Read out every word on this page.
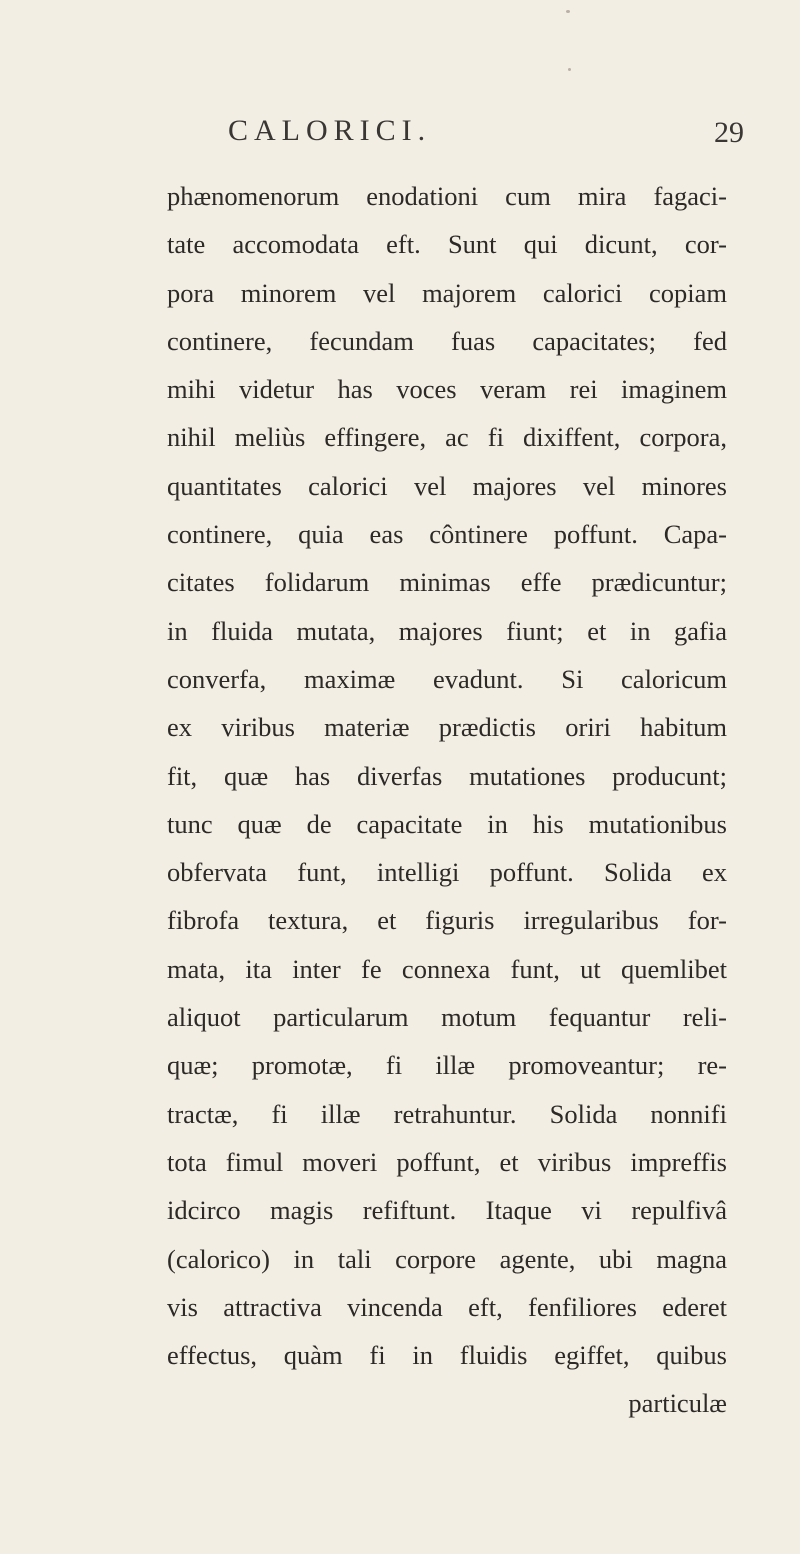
CALORICI.	29
phænomenorum enodationi cum mira fagaci-
tate accomodata eft. Sunt qui dicunt, cor-
pora minorem vel majorem calorici copiam
continere, fecundam fuas capacitates; fed
mihi videtur has voces veram rei imaginem
nihil meliùs effingere, ac fi dixiffent, corpora,
quantitates calorici vel majores vel minores
continere, quia eas côntinere poffunt. Capa-
citates folidarum minimas effe prædicuntur;
in fluida mutata, majores fiunt; et in gafia
converfa, maximæ evadunt. Si caloricum
ex viribus materiæ prædictis oriri habitum
fit, quæ has diverfas mutationes producunt;
tunc quæ de capacitate in his mutationibus
obfervata funt, intelligi poffunt. Solida ex
fibrofa textura, et figuris irregularibus for-
mata, ita inter fe connexa funt, ut quemlibet
aliquot particularum motum fequantur reli-
quæ; promotæ, fi illæ promoveantur; re-
tractæ, fi illæ retrahuntur. Solida nonnifi
tota fimul moveri poffunt, et viribus impreffis
idcirco magis refiftunt. Itaque vi repulfivâ
(calorico) in tali corpore agente, ubi magna
vis attractiva vincenda eft, fenfiliores ederet
effectus, quàm fi in fluidis egiffet, quibus
particulæ
